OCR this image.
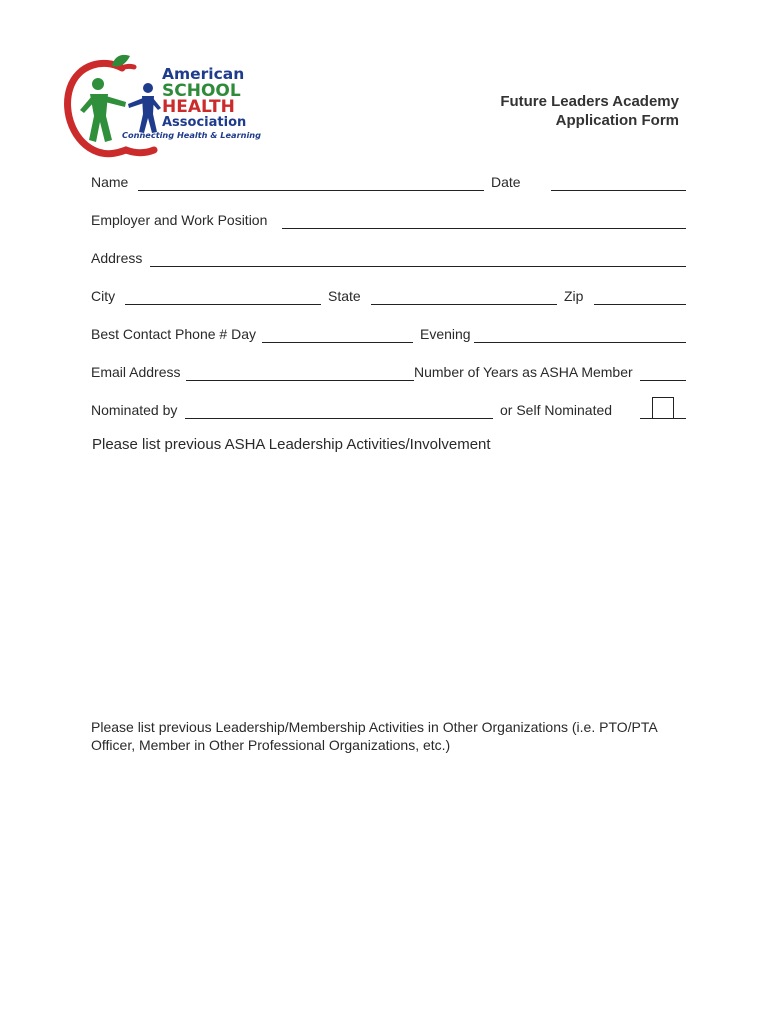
American
SCHOOL
HEALTH
Association
Connecting Health & Learning
Future Leaders Academy
Application Form
Name	Date
Employer and Work Position
Address
City	State	Zip
Best Contact Phone # Day	Evening
Email Address	Number of Years as ASHA Member
Nominated by	or Self Nominated
Please list previous ASHA Leadership Activities/Involvement
Please list previous Leadership/Membership Activities in Other Organizations (i.e. PTO/PTA Officer, Member in Other Professional Organizations, etc.)
